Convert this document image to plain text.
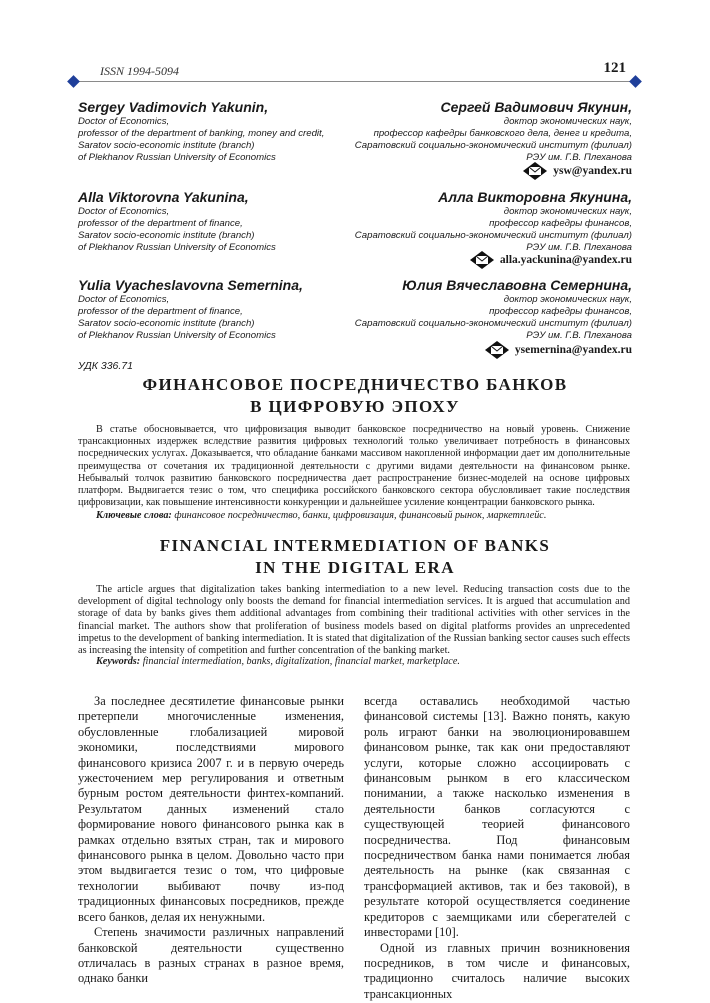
ISSN 1994-5094	121
Sergey Vadimovich Yakunin,
Doctor of Economics,
professor of the department of banking, money and credit,
Saratov socio-economic institute (branch)
of Plekhanov Russian University of Economics
Сергей Вадимович Якунин,
доктор экономических наук,
профессор кафедры банковского дела, денег и кредита,
Саратовский социально-экономический институт (филиал)
РЭУ им. Г.В. Плеханова
ysw@yandex.ru
Alla Viktorovna Yakunina,
Doctor of Economics,
professor of the department of finance,
Saratov socio-economic institute (branch)
of Plekhanov Russian University of Economics
Алла Викторовна Якунина,
доктор экономических наук,
профессор кафедры финансов,
Саратовский социально-экономический институт (филиал)
РЭУ им. Г.В. Плеханова
alla.yackunina@yandex.ru
Yulia Vyacheslavovna Semernina,
Doctor of Economics,
professor of the department of finance,
Saratov socio-economic institute (branch)
of Plekhanov Russian University of Economics
Юлия Вячеславовна Семернина,
доктор экономических наук,
профессор кафедры финансов,
Саратовский социально-экономический институт (филиал)
РЭУ им. Г.В. Плеханова
ysemernina@yandex.ru
УДК 336.71
ФИНАНСОВОЕ ПОСРЕДНИЧЕСТВО БАНКОВ
В ЦИФРОВУЮ ЭПОХУ
В статье обосновывается, что цифровизация выводит банковское посредничество на новый уровень. Снижение трансакционных издержек вследствие развития цифровых технологий только увеличивает потребность в финансовых посреднических услугах. Доказывается, что обладание банками массивом накопленной информации дает им дополнительные преимущества от сочетания их традиционной деятельности с другими видами деятельности на финансовом рынке. Небывалый толчок развитию банковского посредничества дает распространение бизнес-моделей на основе цифровых платформ. Выдвигается тезис о том, что специфика российского банковского сектора обусловливает такие последствия цифровизации, как повышение интенсивности конкуренции и дальнейшее усиление концентрации банковского рынка.
Ключевые слова: финансовое посредничество, банки, цифровизация, финансовый рынок, маркетплейс.
FINANCIAL INTERMEDIATION OF BANKS
IN THE DIGITAL ERA
The article argues that digitalization takes banking intermediation to a new level. Reducing transaction costs due to the development of digital technology only boosts the demand for financial intermediation services. It is argued that accumulation and storage of data by banks gives them additional advantages from combining their traditional activities with other services in the financial market. The authors show that proliferation of business models based on digital platforms provides an unprecedented impetus to the development of banking intermediation. It is stated that digitalization of the Russian banking sector causes such effects as increasing the intensity of competition and further concentration of the banking market.
Keywords: financial intermediation, banks, digitalization, financial market, marketplace.

За последнее десятилетие финансовые рынки претерпели многочисленные изменения, обусловленные глобализацией мировой экономики, последствиями мирового финансового кризиса 2007 г. и в первую очередь ужесточением мер регулирования и ответным бурным ростом деятельности финтех-компаний. Результатом данных изменений стало формирование нового финансового рынка как в рамках отдельно взятых стран, так и мирового финансового рынка в целом. Довольно часто при этом выдвигается тезис о том, что цифровые технологии выбивают почву из-под традиционных финансовых посредников, прежде всего банков, делая их ненужными.

Степень значимости различных направлений банковской деятельности существенно отличалась в разных странах в разное время, однако банки

всегда оставались необходимой частью финансовой системы [13]. Важно понять, какую роль играют банки на эволюционировавшем финансовом рынке, так как они предоставляют услуги, которые сложно ассоциировать с финансовым рынком в его классическом понимании, а также насколько изменения в деятельности банков согласуются с существующей теорией финансового посредничества. Под финансовым посредничеством банка нами понимается любая деятельность на рынке (как связанная с трансформацией активов, так и без таковой), в результате которой осуществляется соединение кредиторов с заемщиками или сберегателей с инвесторами [10].

Одной из главных причин возникновения посредников, в том числе и финансовых, традиционно считалось наличие высоких трансакционных
